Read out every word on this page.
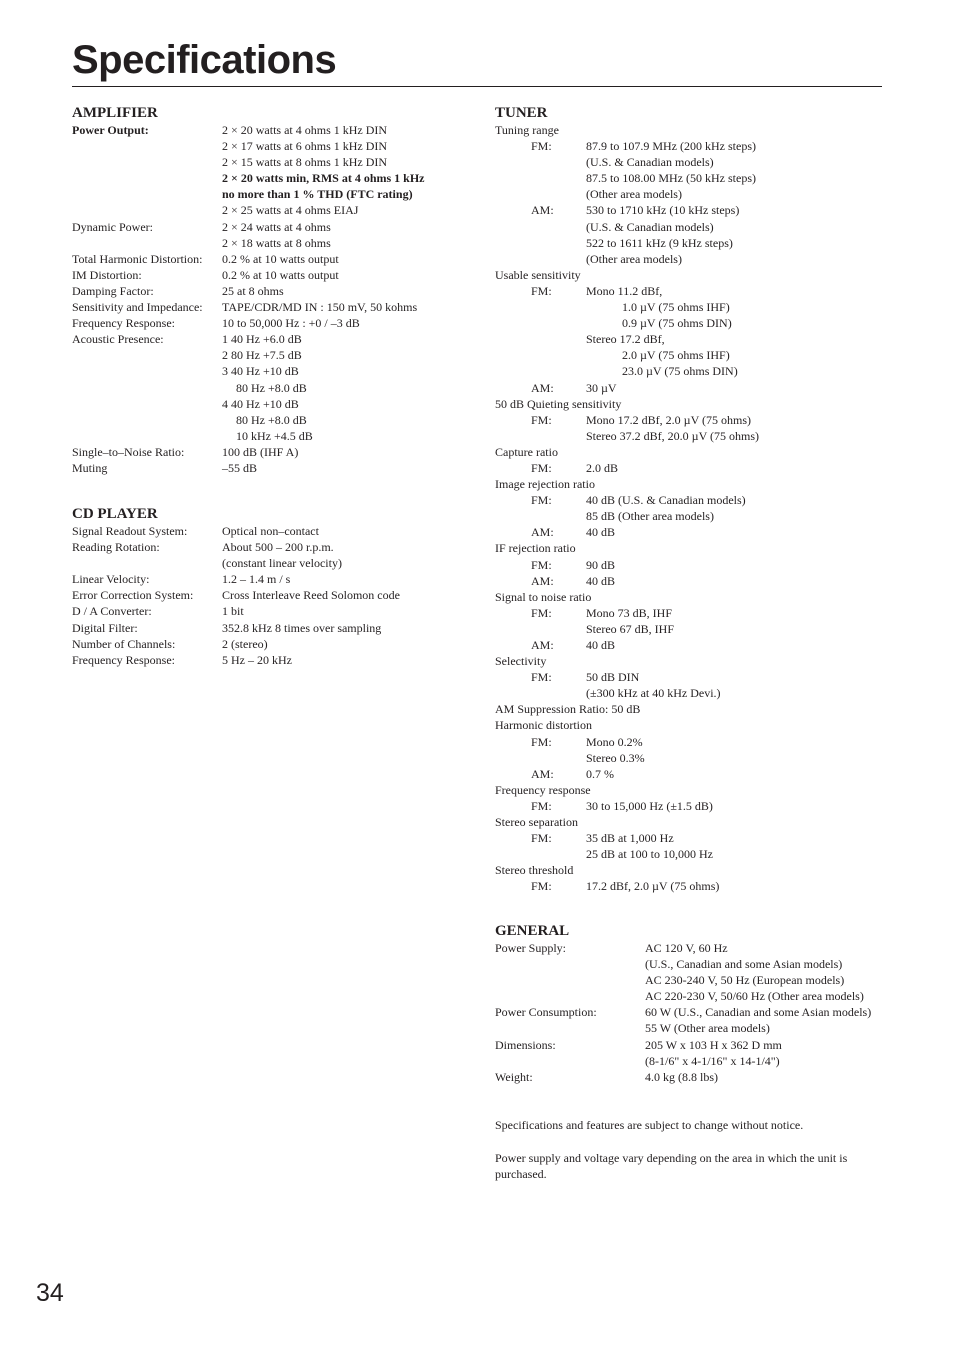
Specifications
AMPLIFIER
Power Output:	2 × 20 watts at 4 ohms 1 kHz DIN
2 × 17 watts at 6 ohms 1 kHz DIN
2 × 15 watts at 8 ohms 1 kHz DIN
2 × 20 watts min, RMS at 4 ohms 1 kHz
no more than 1 % THD (FTC rating)
2 × 25 watts at 4 ohms EIAJ
Dynamic Power:	2 × 24 watts at 4 ohms
2 × 18 watts at 8 ohms
Total Harmonic Distortion:	0.2 % at 10 watts output
IM Distortion:	0.2 % at 10 watts output
Damping Factor:	25 at 8 ohms
Sensitivity and Impedance:	TAPE/CDR/MD IN : 150 mV, 50 kohms
Frequency Response:	10 to 50,000 Hz : +0 / –3 dB
Acoustic Presence:	1 40 Hz +6.0 dB
2 80 Hz +7.5 dB
3 40 Hz +10 dB
80 Hz +8.0 dB
4 40 Hz +10 dB
80 Hz +8.0 dB
10 kHz +4.5 dB
Single–to–Noise Ratio:	100 dB (IHF A)
Muting	–55 dB
CD PLAYER
Signal Readout System:	Optical non–contact
Reading Rotation:	About 500 – 200 r.p.m.
(constant linear velocity)
Linear Velocity:	1.2 – 1.4 m / s
Error Correction System:	Cross Interleave Reed Solomon code
D / A Converter:	1 bit
Digital Filter:	352.8 kHz 8 times over sampling
Number of Channels:	2 (stereo)
Frequency Response:	5 Hz – 20 kHz
TUNER
Tuning range
FM:	87.9 to 107.9 MHz (200 kHz steps)
(U.S. & Canadian models)
87.5 to 108.00 MHz (50 kHz steps)
(Other area models)
AM:	530 to 1710 kHz (10 kHz steps)
(U.S. & Canadian models)
522 to 1611 kHz (9 kHz steps)
(Other area models)
Usable sensitivity
FM:	Mono 11.2 dBf,
1.0 µV (75 ohms IHF)
0.9 µV (75 ohms DIN)
Stereo 17.2 dBf,
2.0 µV (75 ohms IHF)
23.0 µV (75 ohms DIN)
AM:	30 µV
50 dB Quieting sensitivity
FM:	Mono 17.2 dBf, 2.0 µV (75 ohms)
Stereo 37.2 dBf, 20.0 µV (75 ohms)
Capture ratio
FM:	2.0 dB
Image rejection ratio
FM:	40 dB (U.S. & Canadian models)
85 dB (Other area models)
AM:	40 dB
IF rejection ratio
FM:	90 dB
AM:	40 dB
Signal to noise ratio
FM:	Mono 73 dB, IHF
Stereo 67 dB, IHF
AM:	40 dB
Selectivity
FM:	50 dB DIN
(±300 kHz at 40 kHz Devi.)
AM Suppression Ratio: 50 dB
Harmonic distortion
FM:	Mono 0.2%
Stereo 0.3%
AM:	0.7 %
Frequency response
FM:	30 to 15,000 Hz (±1.5 dB)
Stereo separation
FM:	35 dB at 1,000 Hz
25 dB at 100 to 10,000 Hz
Stereo threshold
FM:	17.2 dBf, 2.0 µV (75 ohms)
GENERAL
Power Supply:	AC 120 V, 60 Hz
(U.S., Canadian and some Asian models)
AC 230-240 V, 50 Hz (European models)
AC 220-230 V, 50/60 Hz (Other area models)
Power Consumption:	60 W (U.S., Canadian and some Asian models)
55 W (Other area models)
Dimensions:	205 W x 103 H x 362 D mm
(8-1/6" x 4-1/16" x 14-1/4")
Weight:	4.0 kg (8.8 lbs)
Specifications and features are subject to change without notice.
Power supply and voltage vary depending on the area in which the unit is purchased.
34
